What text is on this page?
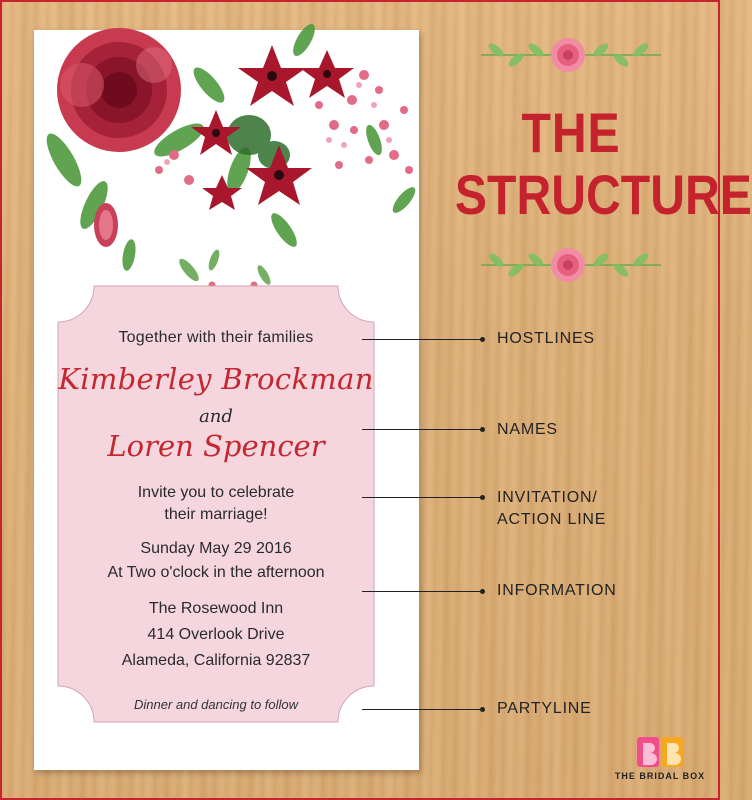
Together with their families
Kimberley Brockman
and
Loren Spencer
Invite you to celebrate
their marriage!
Sunday May 29 2016
At Two o'clock in the afternoon
The Rosewood Inn
414 Overlook Drive
Alameda, California 92837
Dinner and dancing to follow
THE
STRUCTURE
HOSTLINES
NAMES
INVITATION/
ACTION LINE
INFORMATION
PARTYLINE
THE BRIDAL BOX
